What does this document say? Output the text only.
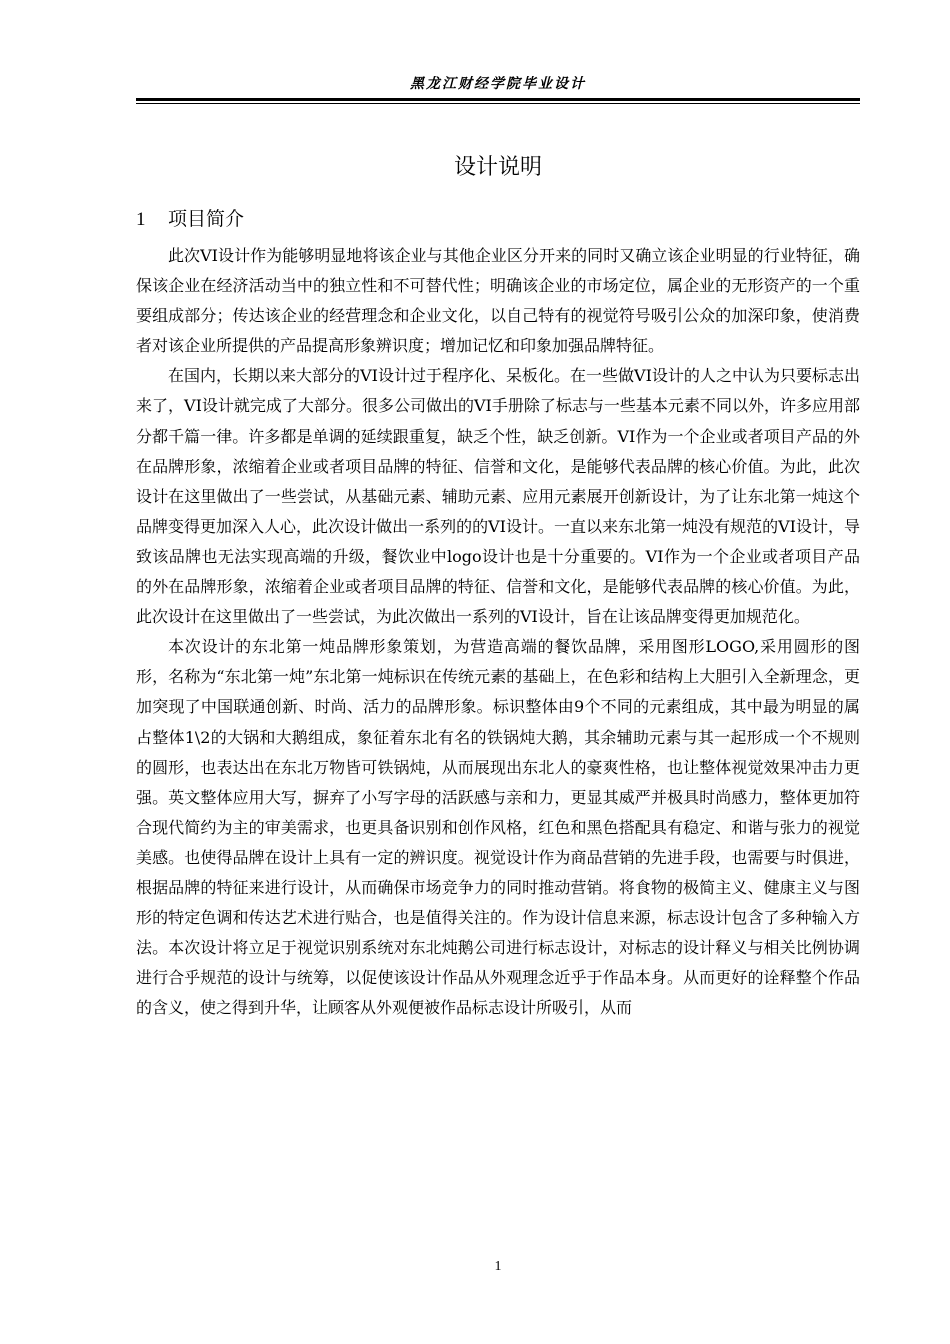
黑龙江财经学院毕业设计
设计说明
1 项目简介

此次VI设计作为能够明显地将该企业与其他企业区分开来的同时又确立该企业明显的行业特征，确保该企业在经济活动当中的独立性和不可替代性；明确该企业的市场定位，属企业的无形资产的一个重要组成部分；传达该企业的经营理念和企业文化，以自己特有的视觉符号吸引公众的加深印象，使消费者对该企业所提供的产品提高形象辨识度；增加记忆和印象加强品牌特征。

在国内，长期以来大部分的VI设计过于程序化、呆板化。在一些做VI设计的人之中认为只要标志出来了，VI设计就完成了大部分。很多公司做出的VI手册除了标志与一些基本元素不同以外，许多应用部分都千篇一律。许多都是单调的延续跟重复，缺乏个性，缺乏创新。VI作为一个企业或者项目产品的外在品牌形象，浓缩着企业或者项目品牌的特征、信誉和文化，是能够代表品牌的核心价值。为此，此次设计在这里做出了一些尝试，从基础元素、辅助元素、应用元素展开创新设计，为了让东北第一炖这个品牌变得更加深入人心，此次设计做出一系列的的VI设计。一直以来东北第一炖没有规范的VI设计，导致该品牌也无法实现高端的升级，餐饮业中logo设计也是十分重要的。VI作为一个企业或者项目产品的外在品牌形象，浓缩着企业或者项目品牌的特征、信誉和文化，是能够代表品牌的核心价值。为此，此次设计在这里做出了一些尝试，为此次做出一系列的VI设计，旨在让该品牌变得更加规范化。

本次设计的东北第一炖品牌形象策划，为营造高端的餐饮品牌，采用图形LOGO,采用圆形的图形，名称为“东北第一炖”东北第一炖标识在传统元素的基础上，在色彩和结构上大胆引入全新理念，更加突现了中国联通创新、时尚、活力的品牌形象。标识整体由9个不同的元素组成，其中最为明显的属占整体1\2的大锅和大鹅组成，象征着东北有名的铁锅炖大鹅，其余辅助元素与其一起形成一个不规则的圆形，也表达出在东北万物皆可铁锅炖，从而展现出东北人的豪爽性格，也让整体视觉效果冲击力更强。英文整体应用大写，摒弃了小写字母的活跃感与亲和力，更显其威严并极具时尚感力，整体更加符合现代简约为主的审美需求，也更具备识别和创作风格，红色和黑色搭配具有稳定、和谐与张力的视觉美感。也使得品牌在设计上具有一定的辨识度。视觉设计作为商品营销的先进手段，也需要与时俱进，根据品牌的特征来进行设计，从而确保市场竞争力的同时推动营销。将食物的极简主义、健康主义与图形的特定色调和传达艺术进行贴合，也是值得关注的。作为设计信息来源，标志设计包含了多种输入方法。本次设计将立足于视觉识别系统对东北炖鹅公司进行标志设计，对标志的设计释义与相关比例协调进行合乎规范的设计与统筹，以促使该设计作品从外观理念近乎于作品本身。从而更好的诠释整个作品的含义，使之得到升华，让顾客从外观便被作品标志设计所吸引，从而

1
